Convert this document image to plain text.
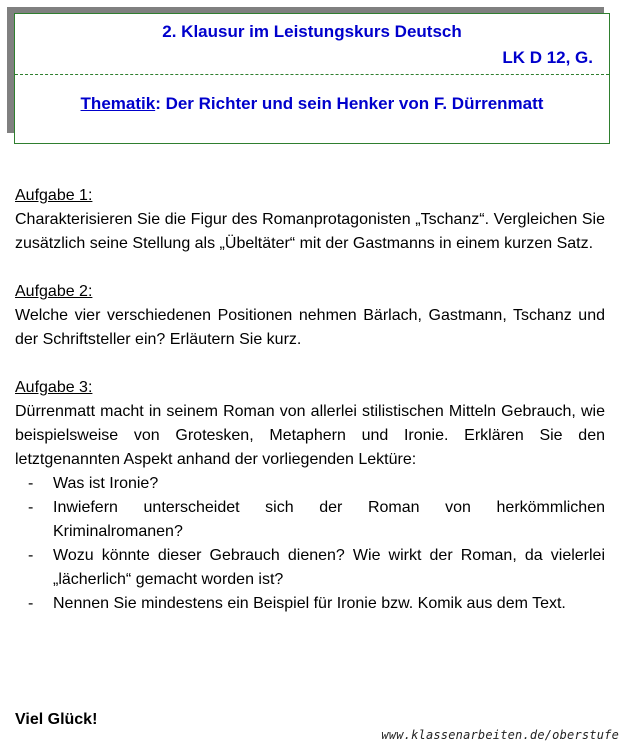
2. Klausur im Leistungskurs Deutsch
LK D 12, G.
Thematik: Der Richter und sein Henker von F. Dürrenmatt
Aufgabe 1:
Charakterisieren Sie die Figur des Romanprotagonisten „Tschanz“. Vergleichen Sie zusätzlich seine Stellung als „Übeltäter“ mit der Gastmanns in einem kurzen Satz.
Aufgabe 2:
Welche vier verschiedenen Positionen nehmen Bärlach, Gastmann, Tschanz und der Schriftsteller ein? Erläutern Sie kurz.
Aufgabe 3:
Dürrenmatt macht in seinem Roman von allerlei stilistischen Mitteln Gebrauch, wie beispielsweise von Grotesken, Metaphern und Ironie. Erklären Sie den letztgenannten Aspekt anhand der vorliegenden Lektüre:
- Was ist Ironie?
- Inwiefern unterscheidet sich der Roman von herkömmlichen Kriminalromanen?
- Wozu könnte dieser Gebrauch dienen? Wie wirkt der Roman, da vielerlei „lächerlich“ gemacht worden ist?
- Nennen Sie mindestens ein Beispiel für Ironie bzw. Komik aus dem Text.
Viel Glück!
www.klassenarbeiten.de/oberstufe
